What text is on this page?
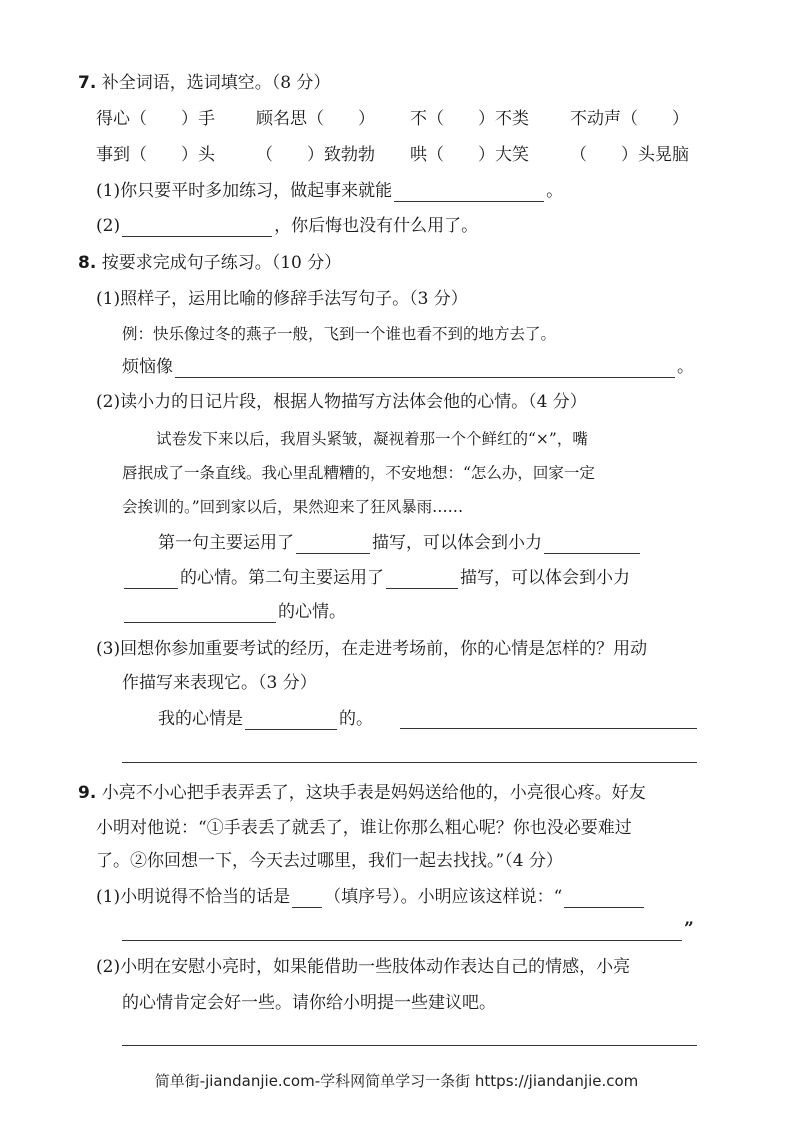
7. 补全词语，选词填空。（8 分）
得心（　　）手 顾名思（　　） 不（　　）不类 不动声（　　）
事到（　　）头 （　　）致勃勃 哄（　　）大笑 （　　）头晃脑
(1)你只要平时多加练习，做起事来就能	。
(2)	，你后悔也没有什么用了。
8. 按要求完成句子练习。（10 分）
(1)照样子，运用比喻的修辞手法写句子。（3 分）
例：快乐像过冬的燕子一般，飞到一个谁也看不到的地方去了。
烦恼像	。
(2)读小力的日记片段，根据人物描写方法体会他的心情。（4 分）
试卷发下来以后，我眉头紧皱，凝视着那一个个鲜红的“×”，嘴
唇抿成了一条直线。我心里乱糟糟的，不安地想：“怎么办，回家一定
会挨训的。”回到家以后，果然迎来了狂风暴雨……
第一句主要运用了	描写，可以体会到小力
的心情。第二句主要运用了	描写，可以体会到小力
的心情。
(3)回想你参加重要考试的经历，在走进考场前，你的心情是怎样的？用动
作描写来表现它。（3 分）
我的心情是	的。
9. 小亮不小心把手表弄丢了，这块手表是妈妈送给他的，小亮很心疼。好友
小明对他说：“①手表丢了就丢了，谁让你那么粗心呢？你也没必要难过
了。②你回想一下，今天去过哪里，我们一起去找找。”（4 分）
(1)小明说得不恰当的话是 （填序号）。小明应该这样说：“
”
(2)小明在安慰小亮时，如果能借助一些肢体动作表达自己的情感，小亮
的心情肯定会好一些。请你给小明提一些建议吧。
简单街-jiandanjie.com-学科网简单学习一条街 https://jiandanjie.com
